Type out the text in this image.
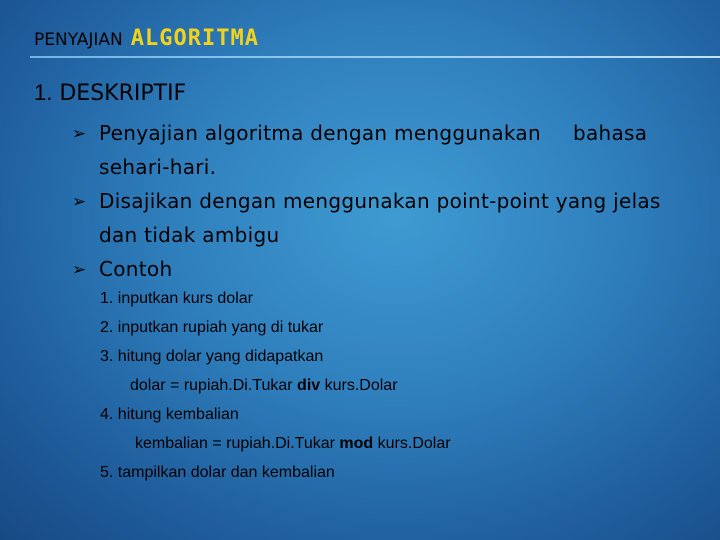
PENYAJIAN ALGORITMA
1. DESKRIPTIF
➢ Penyajian algoritma dengan menggunakan bahasa
sehari-hari.
➢ Disajikan dengan menggunakan point-point yang jelas dan tidak ambigu
➢ Contoh
1. inputkan kurs dolar
2. inputkan rupiah yang di tukar
3. hitung dolar yang didapatkan
dolar = rupiah.Di.Tukar div kurs.Dolar
4. hitung kembalian
kembalian = rupiah.Di.Tukar mod kurs.Dolar
5. tampilkan dolar dan kembalian
